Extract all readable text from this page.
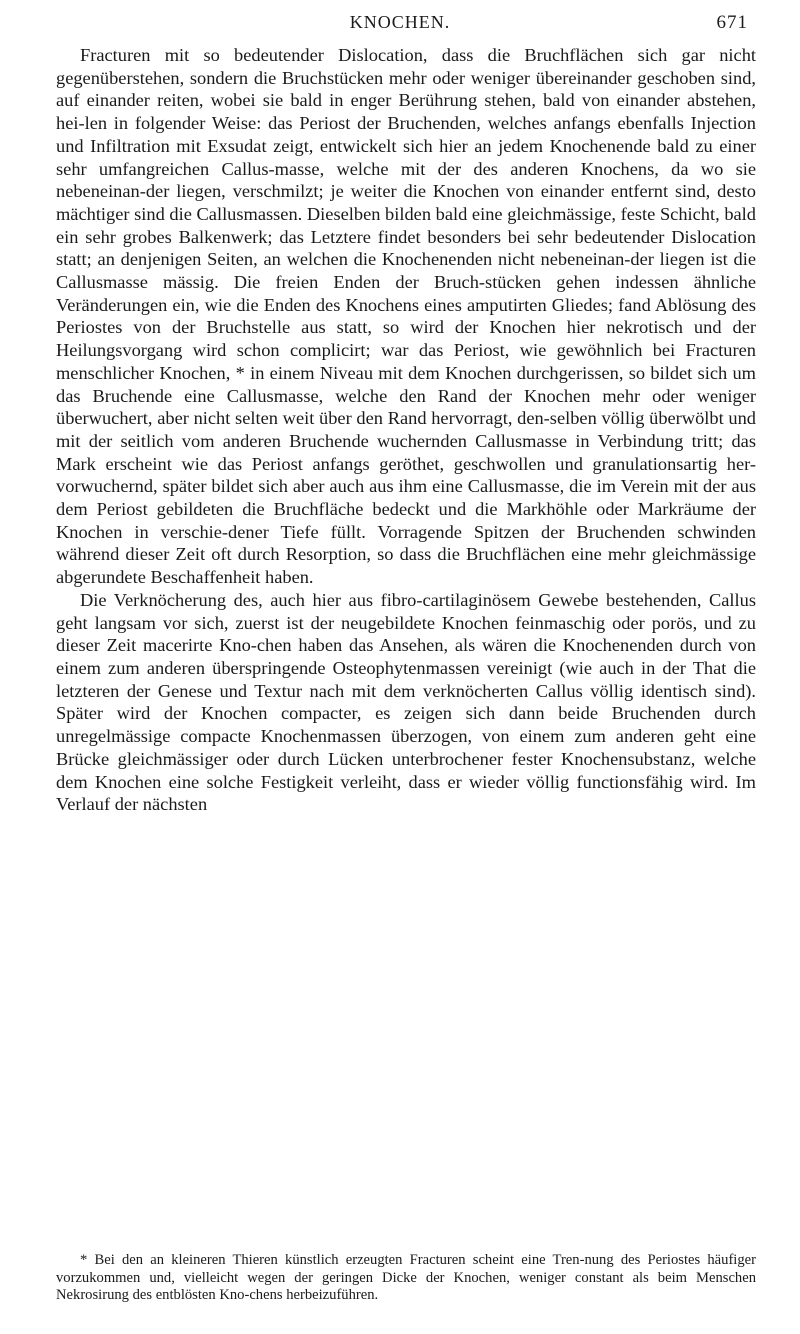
KNOCHEN.	671

Fracturen mit so bedeutender Dislocation, dass die Bruchflächen sich gar nicht gegenüberstehen, sondern die Bruchstücken mehr oder weniger übereinander geschoben sind, auf einander reiten, wobei sie bald in enger Berührung stehen, bald von einander abstehen, hei-len in folgender Weise: das Periost der Bruchenden, welches anfangs ebenfalls Injection und Infiltration mit Exsudat zeigt, entwickelt sich hier an jedem Knochenende bald zu einer sehr umfangreichen Callus-masse, welche mit der des anderen Knochens, da wo sie nebeneinan-der liegen, verschmilzt; je weiter die Knochen von einander entfernt sind, desto mächtiger sind die Callusmassen. Dieselben bilden bald eine gleichmässige, feste Schicht, bald ein sehr grobes Balkenwerk; das Letztere findet besonders bei sehr bedeutender Dislocation statt; an denjenigen Seiten, an welchen die Knochenenden nicht nebeneinan-der liegen ist die Callusmasse mässig. Die freien Enden der Bruch-stücken gehen indessen ähnliche Veränderungen ein, wie die Enden des Knochens eines amputirten Gliedes; fand Ablösung des Periostes von der Bruchstelle aus statt, so wird der Knochen hier nekrotisch und der Heilungsvorgang wird schon complicirt; war das Periost, wie gewöhnlich bei Fracturen menschlicher Knochen, * in einem Niveau mit dem Knochen durchgerissen, so bildet sich um das Bruchende eine Callusmasse, welche den Rand der Knochen mehr oder weniger überwuchert, aber nicht selten weit über den Rand hervorragt, den-selben völlig überwölbt und mit der seitlich vom anderen Bruchende wuchernden Callusmasse in Verbindung tritt; das Mark erscheint wie das Periost anfangs geröthet, geschwollen und granulationsartig her-vorwuchernd, später bildet sich aber auch aus ihm eine Callusmasse, die im Verein mit der aus dem Periost gebildeten die Bruchfläche bedeckt und die Markhöhle oder Markräume der Knochen in verschie-dener Tiefe füllt. Vorragende Spitzen der Bruchenden schwinden während dieser Zeit oft durch Resorption, so dass die Bruchflächen eine mehr gleichmässige abgerundete Beschaffenheit haben.

Die Verknöcherung des, auch hier aus fibro-cartilaginösem Gewebe bestehenden, Callus geht langsam vor sich, zuerst ist der neugebildete Knochen feinmaschig oder porös, und zu dieser Zeit macerirte Kno-chen haben das Ansehen, als wären die Knochenenden durch von einem zum anderen überspringende Osteophytenmassen vereinigt (wie auch in der That die letzteren der Genese und Textur nach mit dem verknöcherten Callus völlig identisch sind). Später wird der Knochen compacter, es zeigen sich dann beide Bruchenden durch unregelmässige compacte Knochenmassen überzogen, von einem zum anderen geht eine Brücke gleichmässiger oder durch Lücken unterbrochener fester Knochensubstanz, welche dem Knochen eine solche Festigkeit verleiht, dass er wieder völlig functionsfähig wird. Im Verlauf der nächsten

* Bei den an kleineren Thieren künstlich erzeugten Fracturen scheint eine Tren-nung des Periostes häufiger vorzukommen und, vielleicht wegen der geringen Dicke der Knochen, weniger constant als beim Menschen Nekrosirung des entblösten Kno-chens herbeizuführen.
